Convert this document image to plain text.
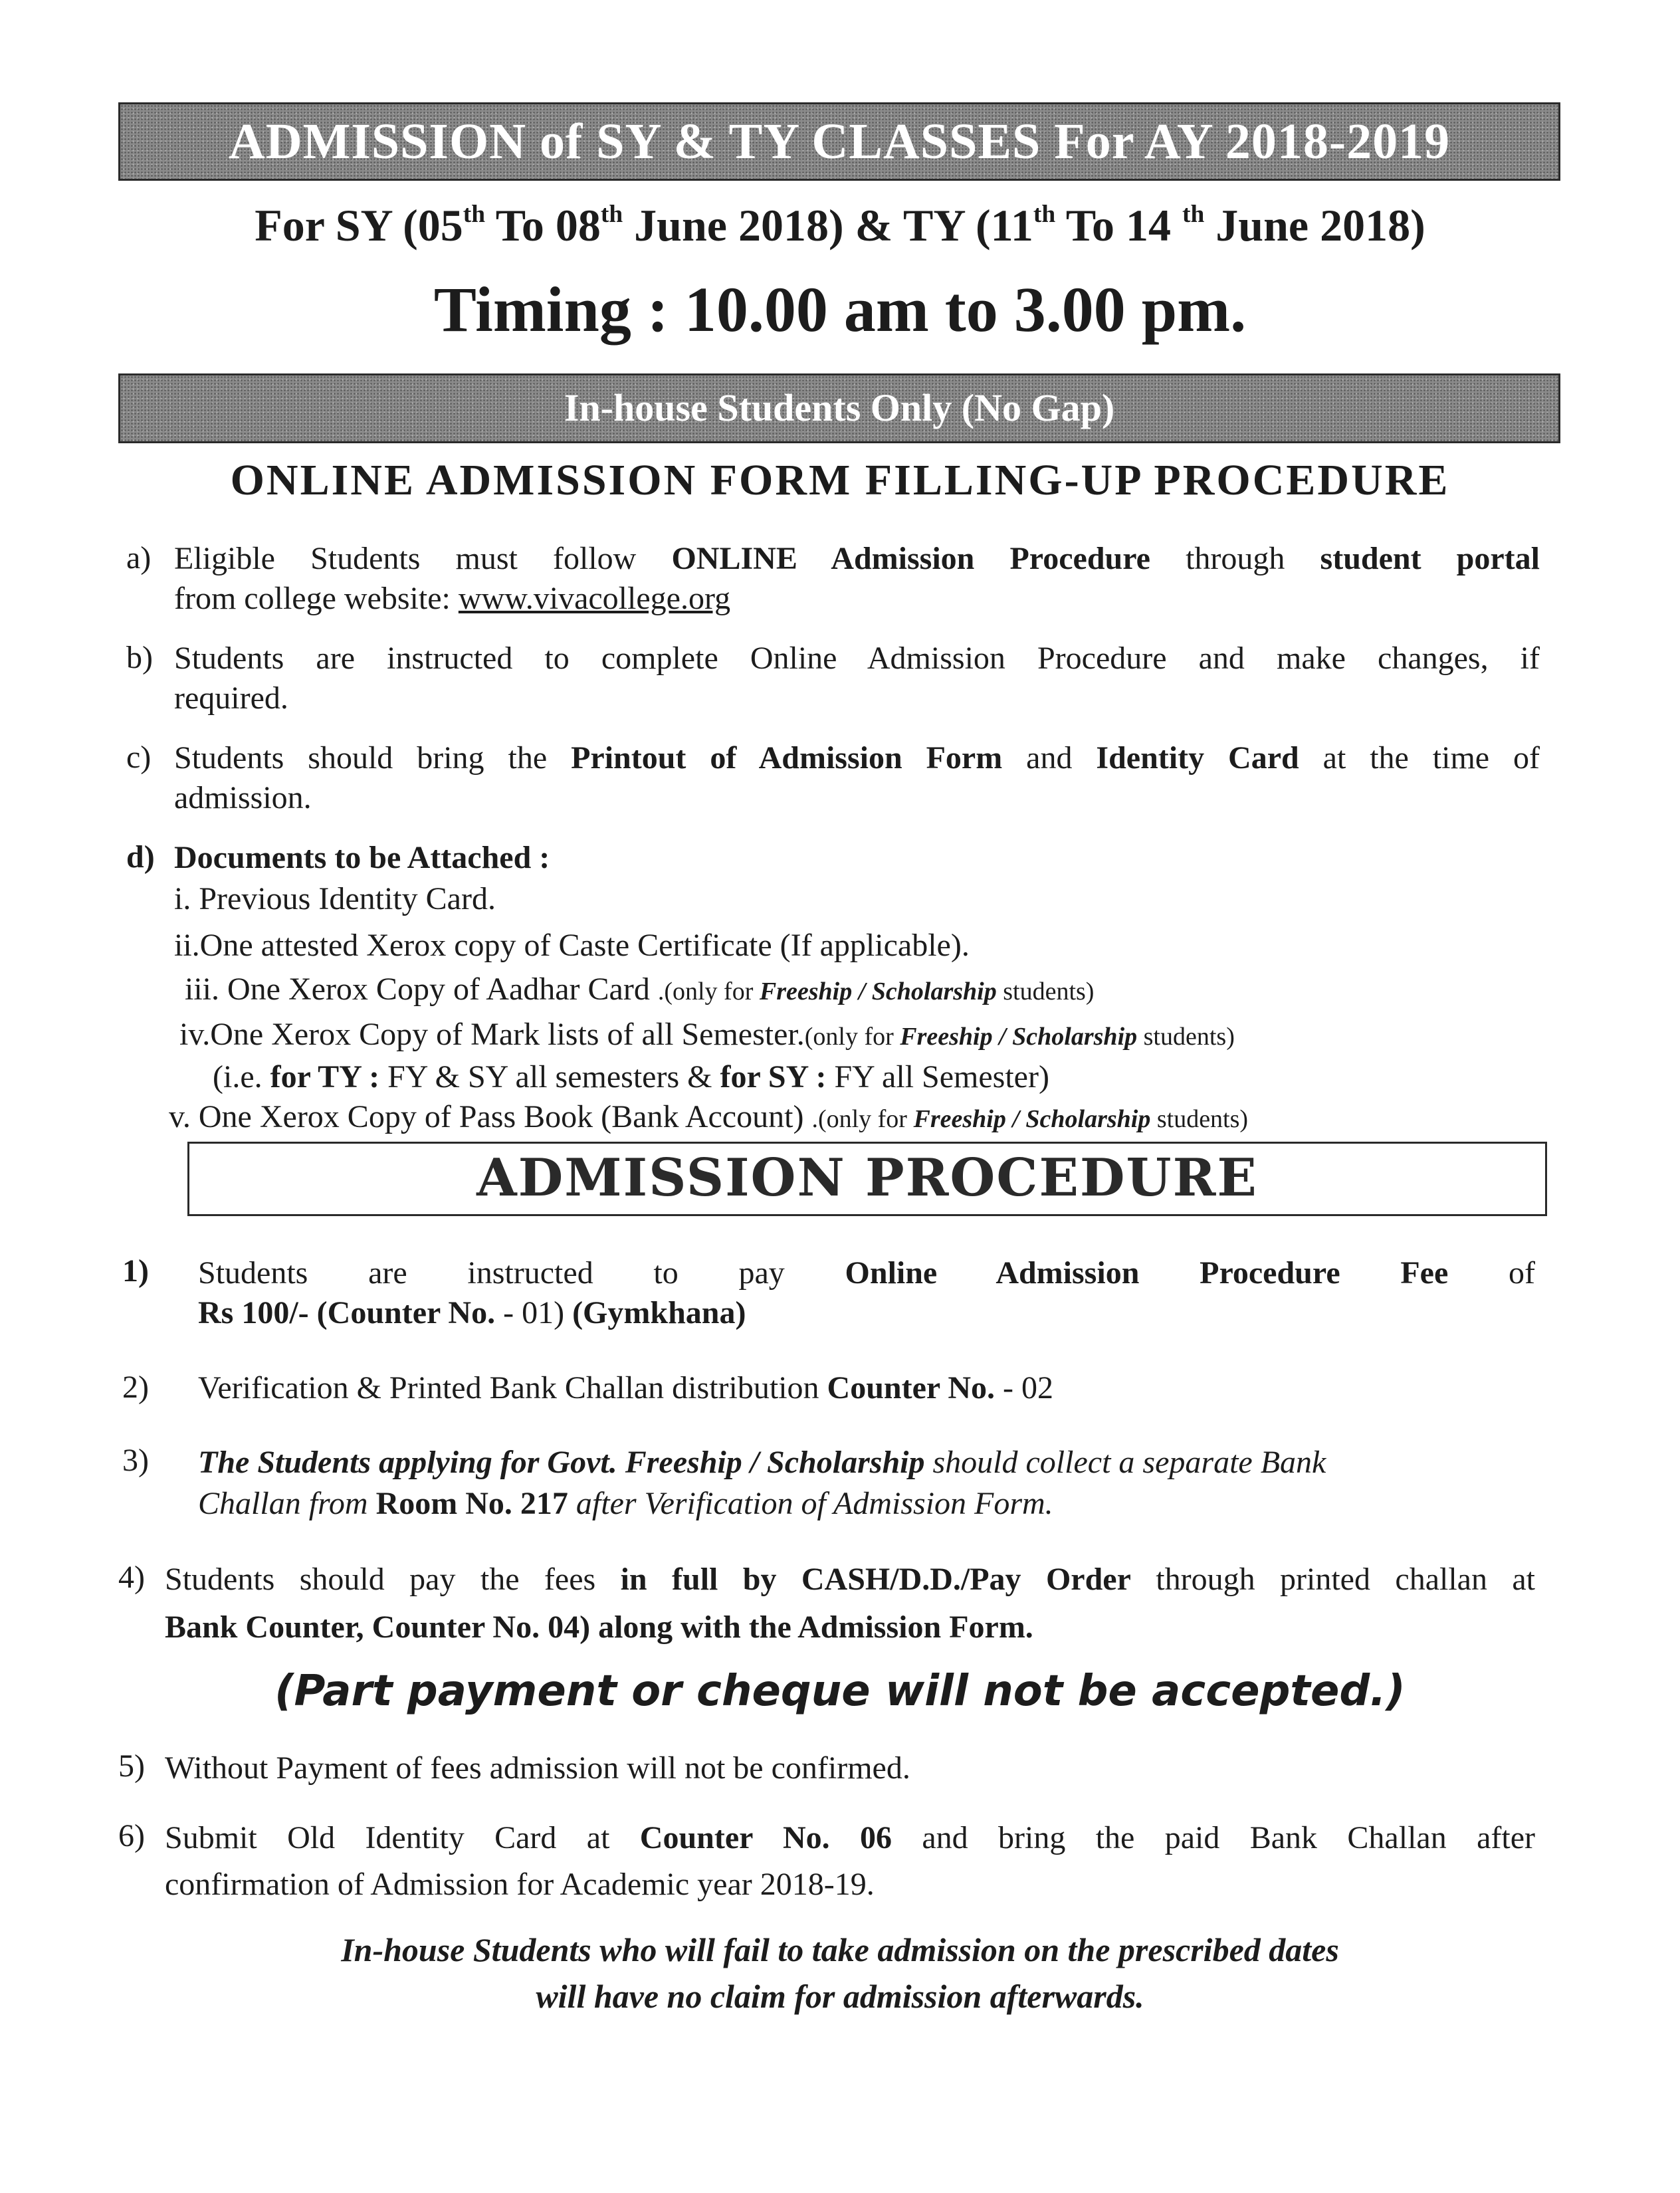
ADMISSION of SY & TY CLASSES For AY 2018-2019
For SY (05th To 08th June 2018) & TY (11th To 14 $^{th}$ June 2018)
Timing : 10.00 am to 3.00 pm.
In-house Students Only (No Gap)
ONLINE ADMISSION FORM FILLING-UP PROCEDURE
a) Eligible Students must follow ONLINE Admission Procedure through student portal
from college website: www.vivacollege.org
b) Students are instructed to complete Online Admission Procedure and make changes, if
required.
c) Students should bring the Printout of Admission Form and Identity Card at the time of
admission.
d) Documents to be Attached :
i. Previous Identity Card.
ii.One attested Xerox copy of Caste Certificate (If applicable).
iii. One Xerox Copy of Aadhar Card .(only for Freeship / Scholarship students)
iv.One Xerox Copy of Mark lists of all Semester.(only for Freeship / Scholarship students)
(i.e. for TY : FY & SY all semesters & for SY : FY all Semester)
v. One Xerox Copy of Pass Book (Bank Account) .(only for Freeship / Scholarship students)
ADMISSION PROCEDURE
1) Students are instructed to pay Online Admission Procedure Fee of
Rs 100/- (Counter No. - 01) (Gymkhana)
2) Verification & Printed Bank Challan distribution Counter No. - 02
3) The Students applying for Govt. Freeship / Scholarship should collect a separate Bank
Challan from Room No. 217 after Verification of Admission Form.
4) Students should pay the fees in full by CASH/D.D./Pay Order through printed challan at
Bank Counter, Counter No. 04) along with the Admission Form.
(Part payment or cheque will not be accepted.)
5) Without Payment of fees admission will not be confirmed.
6) Submit Old Identity Card at Counter No. 06 and bring the paid Bank Challan after
confirmation of Admission for Academic year 2018-19.
In-house Students who will fail to take admission on the prescribed dates
will have no claim for admission afterwards.
